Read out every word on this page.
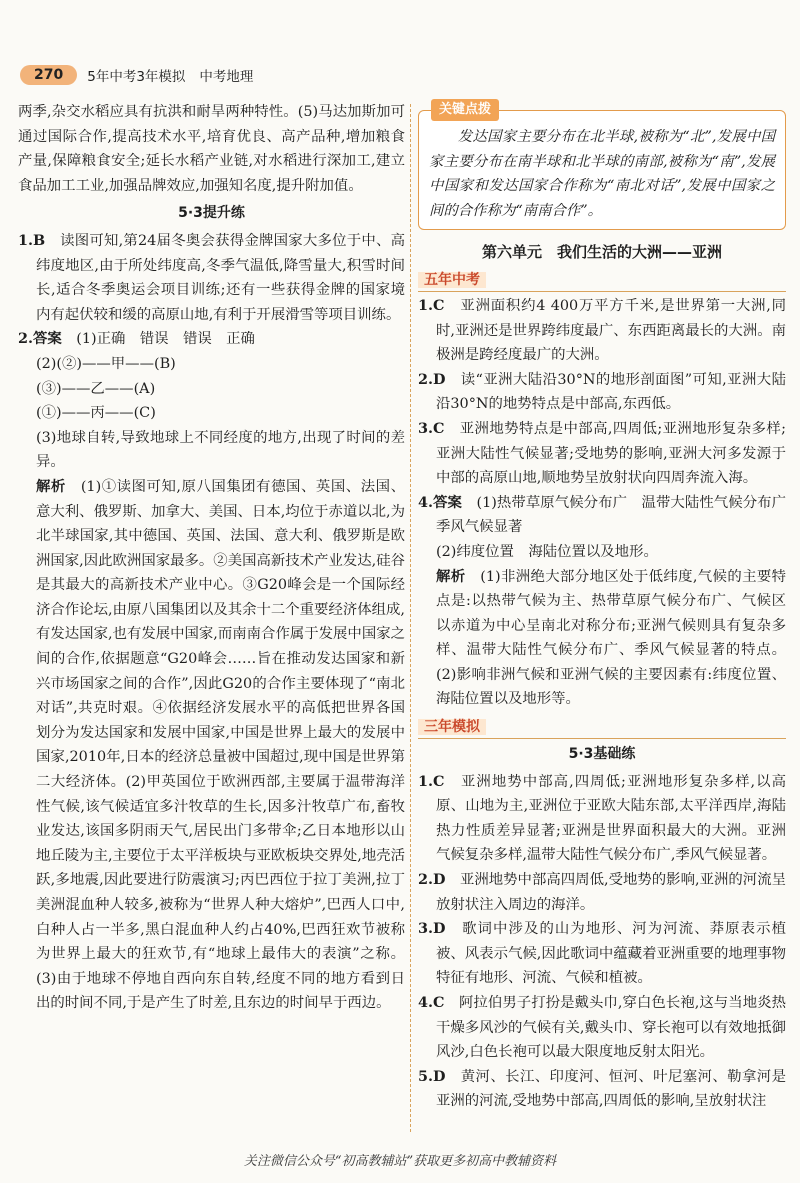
270	5年中考3年模拟 中考地理

两季,杂交水稻应具有抗洪和耐旱两种特性。(5)马达加斯加可通过国际合作,提高技术水平,培育优良、高产品种,增加粮食产量,保障粮食安全;延长水稻产业链,对水稻进行深加工,建立食品加工工业,加强品牌效应,加强知名度,提升附加值。

5·3提升练

1.B　 读图可知,第24届冬奥会获得金牌国家大多位于中、高纬度地区,由于所处纬度高,冬季气温低,降雪量大,积雪时间长,适合冬季奥运会项目训练;还有一些获得金牌的国家境内有起伏较和缓的高原山地,有利于开展滑雪等项目训练。

2.答案　 (1)正确　错误　错误　正确

(2)(②)——甲——(B)

(③)——乙——(A)

(①)——丙——(C)

(3)地球自转,导致地球上不同经度的地方,出现了时间的差异。

解析　 (1)①读图可知,原八国集团有德国、英国、法国、意大利、俄罗斯、加拿大、美国、日本,均位于赤道以北,为北半球国家,其中德国、英国、法国、意大利、俄罗斯是欧洲国家,因此欧洲国家最多。②美国高新技术产业发达,硅谷是其最大的高新技术产业中心。③G20峰会是一个国际经济合作论坛,由原八国集团以及其余十二个重要经济体组成,有发达国家,也有发展中国家,而南南合作属于发展中国家之间的合作,依据题意“G20峰会……旨在推动发达国家和新兴市场国家之间的合作”,因此G20的合作主要体现了“南北对话”,共克时艰。④依据经济发展水平的高低把世界各国划分为发达国家和发展中国家,中国是世界上最大的发展中国家,2010年,日本的经济总量被中国超过,现中国是世界第二大经济体。(2)甲英国位于欧洲西部,主要属于温带海洋性气候,该气候适宜多汁牧草的生长,因多汁牧草广布,畜牧业发达,该国多阴雨天气,居民出门多带伞;乙日本地形以山地丘陵为主,主要位于太平洋板块与亚欧板块交界处,地壳活跃,多地震,因此要进行防震演习;丙巴西位于拉丁美洲,拉丁美洲混血种人较多,被称为“世界人种大熔炉”,巴西人口中,白种人占一半多,黑白混血种人约占40%,巴西狂欢节被称为世界上最大的狂欢节,有“地球上最伟大的表演”之称。(3)由于地球不停地自西向东自转,经度不同的地方看到日出的时间不同,于是产生了时差,且东边的时间早于西边。

关键点拨

发达国家主要分布在北半球,被称为“北”,发展中国家主要分布在南半球和北半球的南部,被称为“南”,发展中国家和发达国家合作称为“南北对话”,发展中国家之间的合作称为“南南合作”。

第六单元　我们生活的大洲——亚洲

五年中考

1.C　 亚洲面积约4 400万平方千米,是世界第一大洲,同时,亚洲还是世界跨纬度最广、东西距离最长的大洲。南极洲是跨经度最广的大洲。

2.D　 读“亚洲大陆沿30°N的地形剖面图”可知,亚洲大陆沿30°N的地势特点是中部高,东西低。

3.C　 亚洲地势特点是中部高,四周低;亚洲地形复杂多样;亚洲大陆性气候显著;受地势的影响,亚洲大河多发源于中部的高原山地,顺地势呈放射状向四周奔流入海。

4.答案　 (1)热带草原气候分布广　温带大陆性气候分布广　季风气候显著

(2)纬度位置　海陆位置以及地形。

解析　 (1)非洲绝大部分地区处于低纬度,气候的主要特点是:以热带气候为主、热带草原气候分布广、气候区以赤道为中心呈南北对称分布;亚洲气候则具有复杂多样、温带大陆性气候分布广、季风气候显著的特点。(2)影响非洲气候和亚洲气候的主要因素有:纬度位置、海陆位置以及地形等。

三年模拟

5·3基础练

1.C　 亚洲地势中部高,四周低;亚洲地形复杂多样,以高原、山地为主,亚洲位于亚欧大陆东部,太平洋西岸,海陆热力性质差异显著;亚洲是世界面积最大的大洲。亚洲气候复杂多样,温带大陆性气候分布广,季风气候显著。

2.D　 亚洲地势中部高四周低,受地势的影响,亚洲的河流呈放射状注入周边的海洋。

3.D　 歌词中涉及的山为地形、河为河流、莽原表示植被、风表示气候,因此歌词中蕴藏着亚洲重要的地理事物特征有地形、河流、气候和植被。

4.C　 阿拉伯男子打扮是戴头巾,穿白色长袍,这与当地炎热干燥多风沙的气候有关,戴头巾、穿长袍可以有效地抵御风沙,白色长袍可以最大限度地反射太阳光。

5.D　 黄河、长江、印度河、恒河、叶尼塞河、勒拿河是亚洲的河流,受地势中部高,四周低的影响,呈放射状注

关注微信公众号“初高教辅站”获取更多初高中教辅资料
